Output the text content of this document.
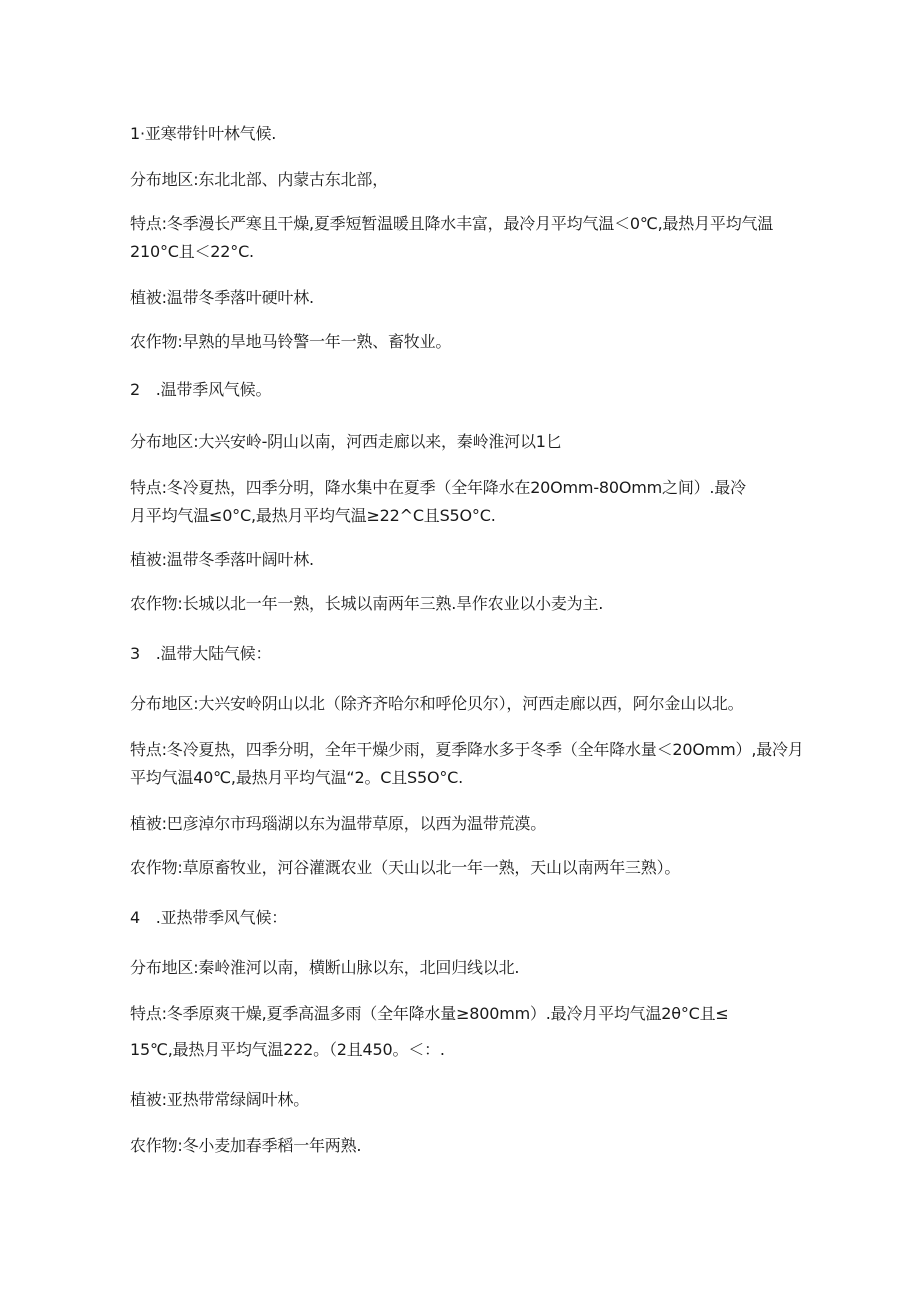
1·亚寒带针叶林气候.
分布地区:东北北部、内蒙古东北部，
特点:冬季漫长严寒且干燥,夏季短暂温暖且降水丰富，最冷月平均气温＜0℃,最热月平均气温
210°C且＜22°C.
植被:温带冬季落叶硬叶林.
农作物:早熟的旱地马铃警一年一熟、畜牧业。
2　.温带季风气候。
分布地区:大兴安岭-阴山以南，河西走廊以来，秦岭淮河以1匕
特点:冬冷夏热，四季分明，降水集中在夏季（全年降水在20Omm-80Omm之间）.最冷
月平均气温≤0°C,最热月平均气温≥22^C且S5O°C.
植被:温带冬季落叶阔叶林.
农作物:长城以北一年一熟，长城以南两年三熟.旱作农业以小麦为主.
3　.温带大陆气候：
分布地区:大兴安岭阴山以北（除齐齐哈尔和呼伦贝尔），河西走廊以西，阿尔金山以北。
特点:冬冷夏热，四季分明，全年干燥少雨，夏季降水多于冬季（全年降水量＜20Omm）,最冷月
平均气温40℃,最热月平均气温“2。C且S5O°C.
植被:巴彦淖尔市玛瑙湖以东为温带草原，以西为温带荒漠。
农作物:草原畜牧业，河谷灌溉农业（天山以北一年一熟，天山以南两年三熟）。
4　.亚热带季风气候：
分布地区:秦岭淮河以南，横断山脉以东，北回归线以北.
特点:冬季原爽干燥,夏季高温多雨（全年降水量≥800mm）.最冷月平均气温2θ°C且≤
15℃,最热月平均气温222。（2且450。＜：.
植被:亚热带常绿阔叶林。
农作物:冬小麦加春季稻一年两熟.
